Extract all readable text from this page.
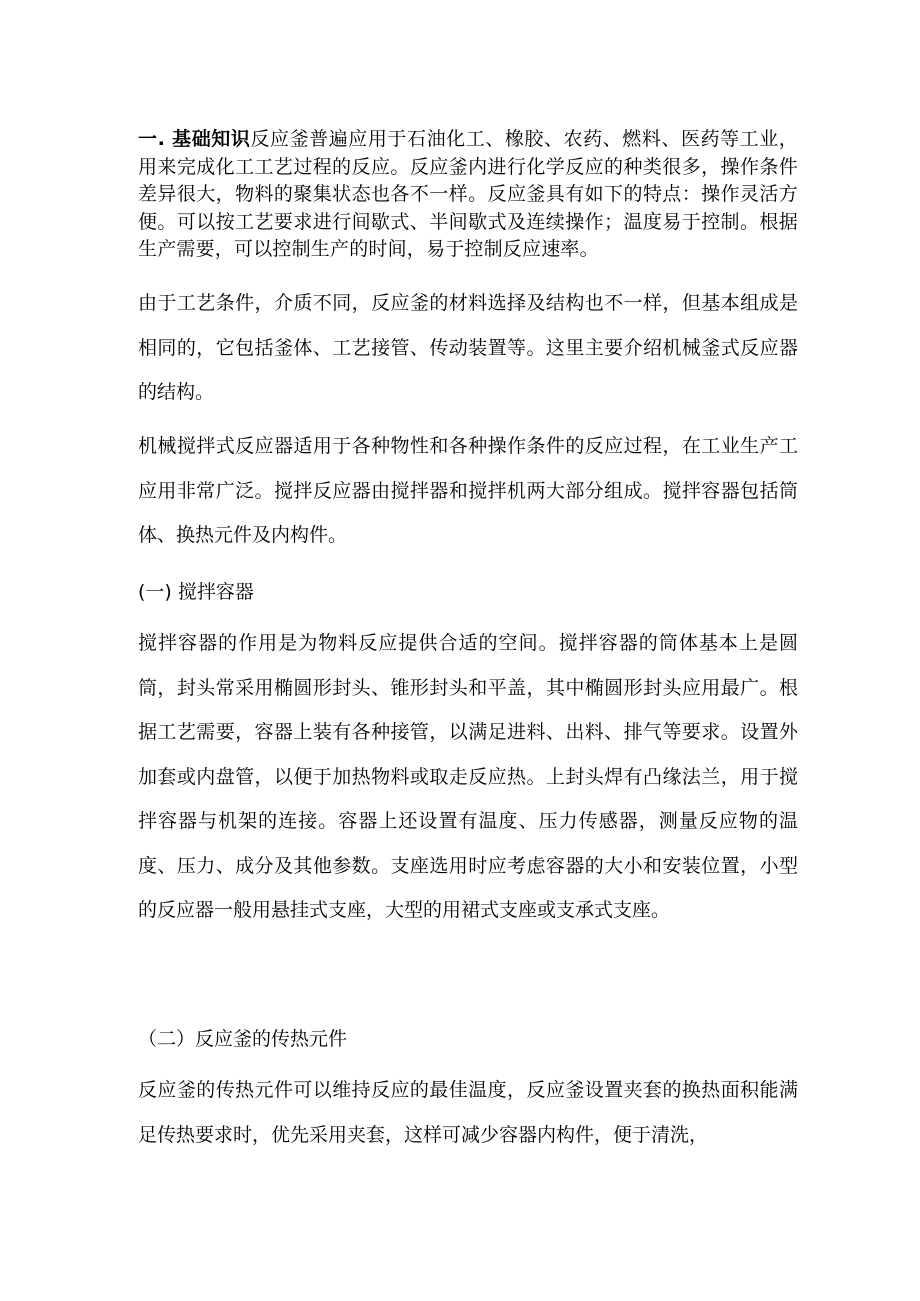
一. 基础知识反应釜普遍应用于石油化工、橡胶、农药、燃料、医药等工业，用来完成化工工艺过程的反应。反应釜内进行化学反应的种类很多，操作条件差异很大，物料的聚集状态也各不一样。反应釜具有如下的特点：操作灵活方便。可以按工艺要求进行间歇式、半间歇式及连续操作；温度易于控制。根据生产需要，可以控制生产的时间，易于控制反应速率。

由于工艺条件，介质不同，反应釜的材料选择及结构也不一样，但基本组成是相同的，它包括釜体、工艺接管、传动装置等。这里主要介绍机械釜式反应器的结构。

机械搅拌式反应器适用于各种物性和各种操作条件的反应过程，在工业生产工应用非常广泛。搅拌反应器由搅拌器和搅拌机两大部分组成。搅拌容器包括筒体、换热元件及内构件。

(一) 搅拌容器

搅拌容器的作用是为物料反应提供合适的空间。搅拌容器的筒体基本上是圆筒，封头常采用椭圆形封头、锥形封头和平盖，其中椭圆形封头应用最广。根据工艺需要，容器上装有各种接管，以满足进料、出料、排气等要求。设置外加套或内盘管，以便于加热物料或取走反应热。上封头焊有凸缘法兰，用于搅拌容器与机架的连接。容器上还设置有温度、压力传感器，测量反应物的温度、压力、成分及其他参数。支座选用时应考虑容器的大小和安装位置，小型的反应器一般用悬挂式支座，大型的用裙式支座或支承式支座。

（二）反应釜的传热元件

反应釜的传热元件可以维持反应的最佳温度，反应釜设置夹套的换热面积能满足传热要求时，优先采用夹套，这样可减少容器内构件，便于清洗，
